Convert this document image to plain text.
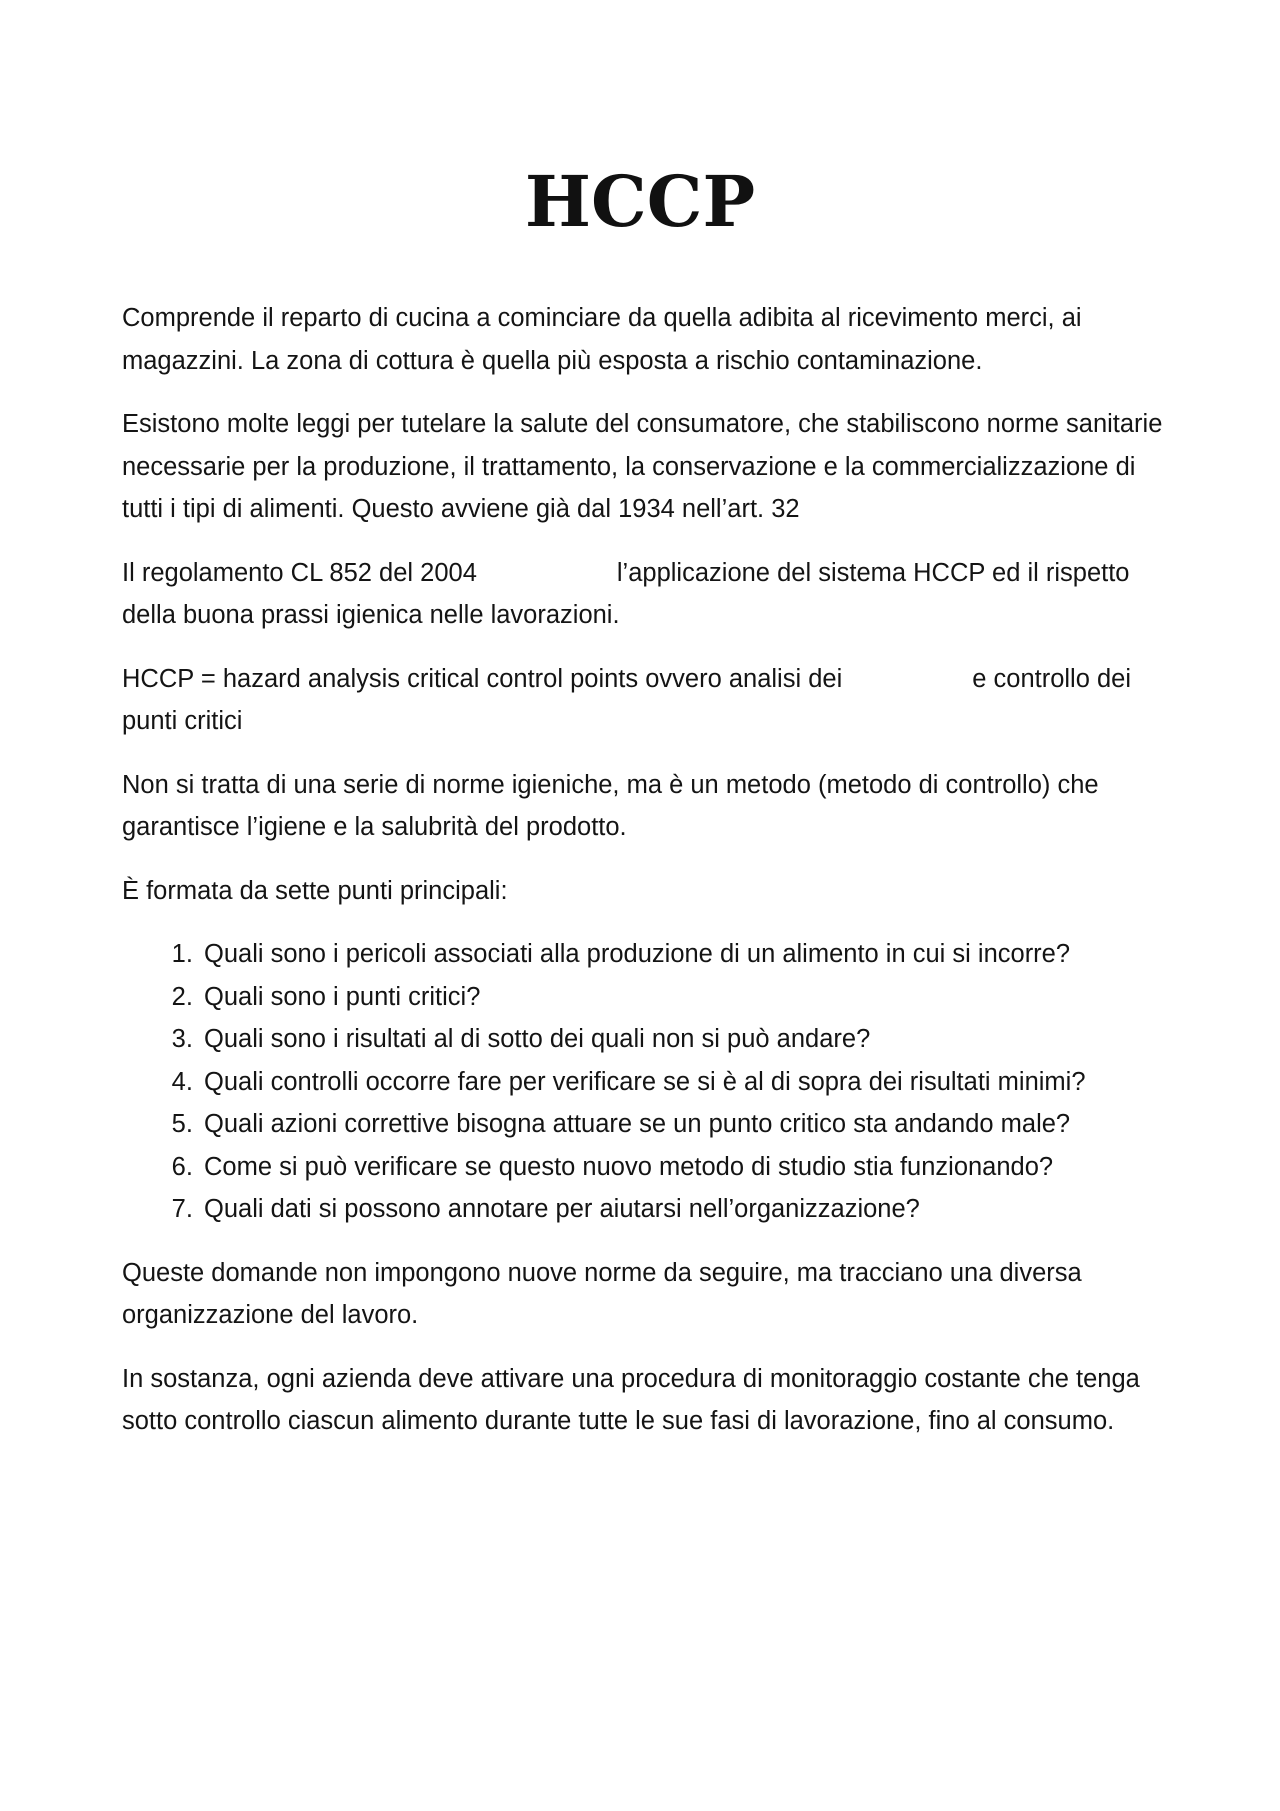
HCCP

Comprende il reparto di cucina a cominciare da quella adibita al ricevimento merci, ai magazzini. La zona di cottura è quella più esposta a rischio contaminazione.

Esistono molte leggi per tutelare la salute del consumatore, che stabiliscono norme sanitarie necessarie per la produzione, il trattamento, la conservazione e la commercializzazione di tutti i tipi di alimenti. Questo avviene già dal 1934 nell’art. 32

Il regolamento CL 852 del 2004	l’applicazione del sistema HCCP ed il rispetto della buona prassi igienica nelle lavorazioni.

HCCP = hazard analysis critical control points ovvero analisi dei	e controllo dei punti critici

Non si tratta di una serie di norme igieniche, ma è un metodo (metodo di controllo) che garantisce l’igiene e la salubrità del prodotto.

È formata da sette punti principali:

1. Quali sono i pericoli associati alla produzione di un alimento in cui si incorre?
2. Quali sono i punti critici?
3. Quali sono i risultati al di sotto dei quali non si può andare?
4. Quali controlli occorre fare per verificare se si è al di sopra dei risultati minimi?
5. Quali azioni correttive bisogna attuare se un punto critico sta andando male?
6. Come si può verificare se questo nuovo metodo di studio stia funzionando?
7. Quali dati si possono annotare per aiutarsi nell’organizzazione?

Queste domande non impongono nuove norme da seguire, ma tracciano una diversa organizzazione del lavoro.

In sostanza, ogni azienda deve attivare una procedura di monitoraggio costante che tenga sotto controllo ciascun alimento durante tutte le sue fasi di lavorazione, fino al consumo.
